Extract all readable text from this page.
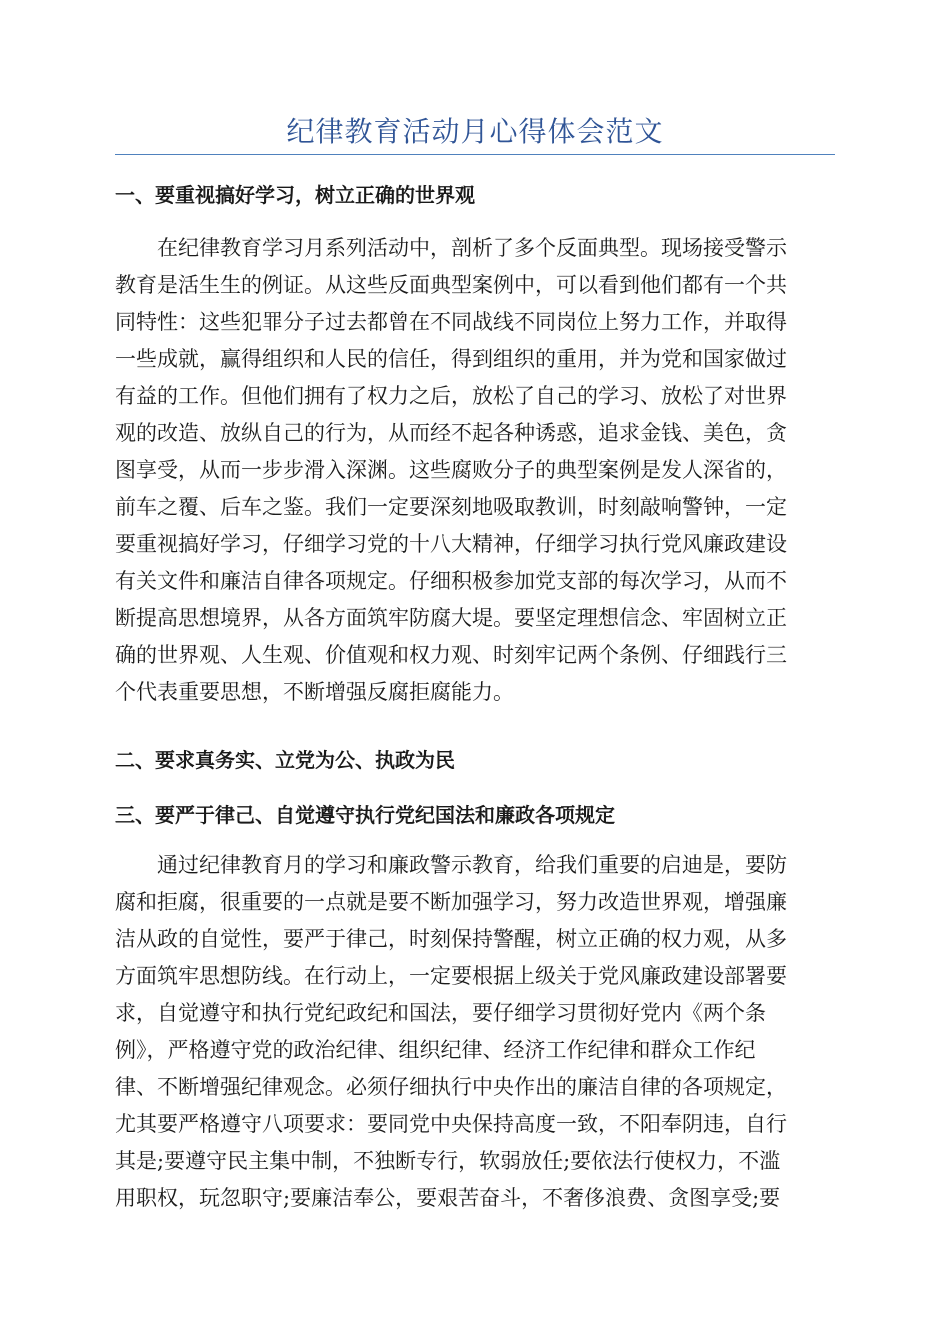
纪律教育活动月心得体会范文
一、要重视搞好学习，树立正确的世界观
在纪律教育学习月系列活动中，剖析了多个反面典型。现场接受警示
教育是活生生的例证。从这些反面典型案例中，可以看到他们都有一个共
同特性：这些犯罪分子过去都曾在不同战线不同岗位上努力工作，并取得
一些成就，赢得组织和人民的信任，得到组织的重用，并为党和国家做过
有益的工作。但他们拥有了权力之后，放松了自己的学习、放松了对世界
观的改造、放纵自己的行为，从而经不起各种诱惑，追求金钱、美色，贪
图享受，从而一步步滑入深渊。这些腐败分子的典型案例是发人深省的，
前车之覆、后车之鉴。我们一定要深刻地吸取教训，时刻敲响警钟，一定
要重视搞好学习，仔细学习党的十八大精神，仔细学习执行党风廉政建设
有关文件和廉洁自律各项规定。仔细积极参加党支部的每次学习，从而不
断提高思想境界，从各方面筑牢防腐大堤。要坚定理想信念、牢固树立正
确的世界观、人生观、价值观和权力观、时刻牢记两个条例、仔细践行三
个代表重要思想，不断增强反腐拒腐能力。
二、要求真务实、立党为公、执政为民
三、要严于律己、自觉遵守执行党纪国法和廉政各项规定
通过纪律教育月的学习和廉政警示教育，给我们重要的启迪是，要防
腐和拒腐，很重要的一点就是要不断加强学习，努力改造世界观，增强廉
洁从政的自觉性，要严于律己，时刻保持警醒，树立正确的权力观，从多
方面筑牢思想防线。在行动上，一定要根据上级关于党风廉政建设部署要
求，自觉遵守和执行党纪政纪和国法，要仔细学习贯彻好党内《两个条
例》，严格遵守党的政治纪律、组织纪律、经济工作纪律和群众工作纪
律、不断增强纪律观念。必须仔细执行中央作出的廉洁自律的各项规定，
尤其要严格遵守八项要求：要同党中央保持高度一致，不阳奉阴违，自行
其是;要遵守民主集中制，不独断专行，软弱放任;要依法行使权力，不滥
用职权，玩忽职守;要廉洁奉公，要艰苦奋斗，不奢侈浪费、贪图享受;要
